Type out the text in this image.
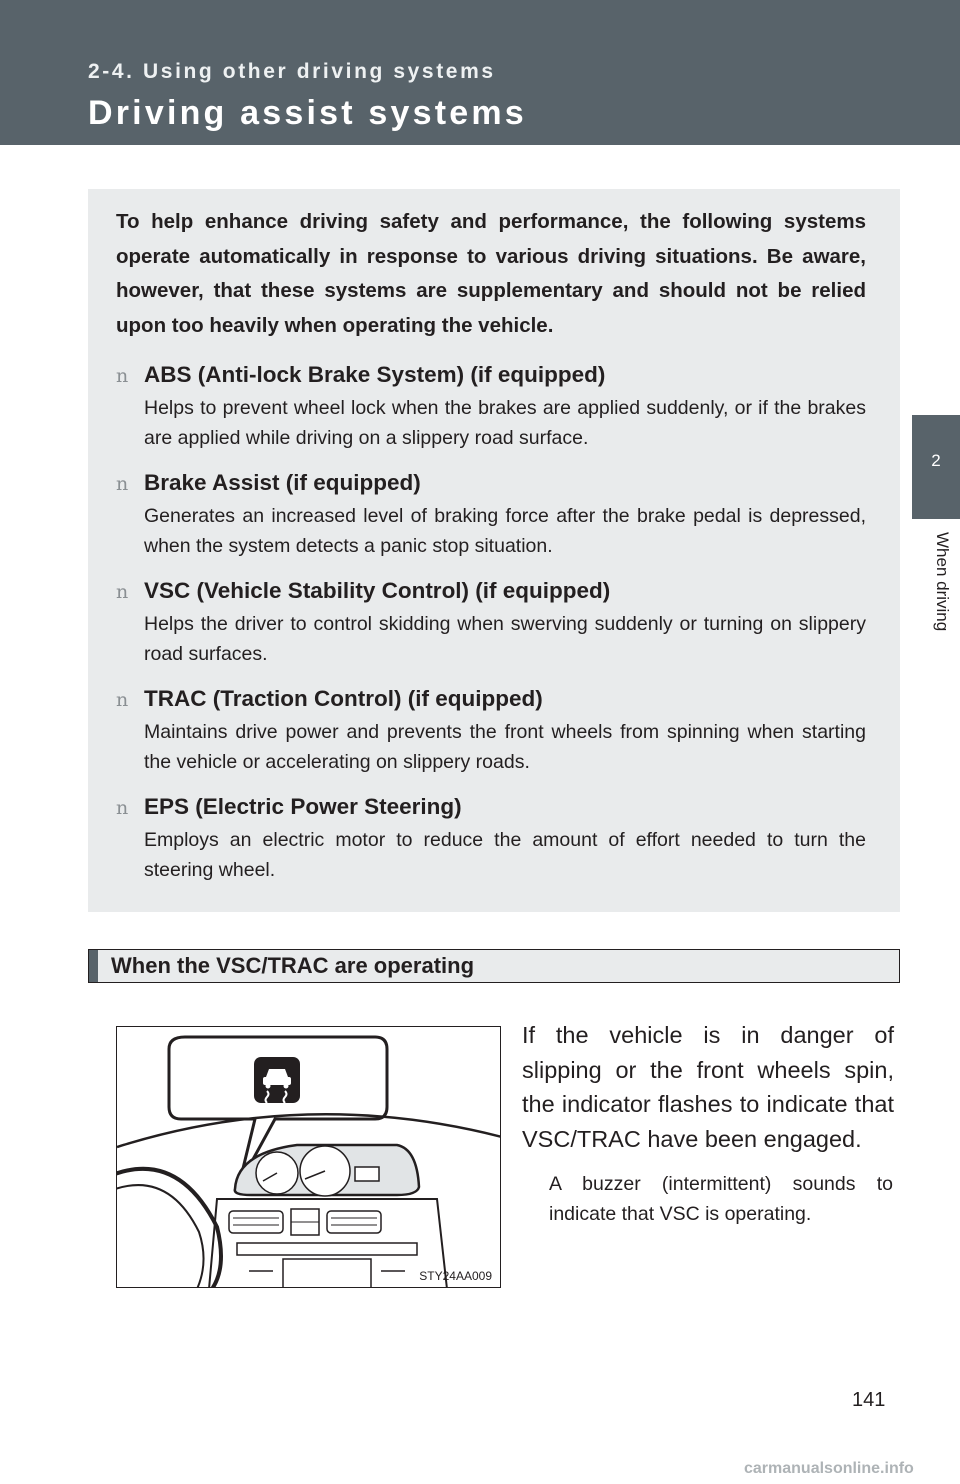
2-4. Using other driving systems
Driving assist systems
2
When driving

To help enhance driving safety and performance, the following systems operate automatically in response to various driving situations. Be aware, however, that these systems are supplementary and should not be relied upon too heavily when operating the vehicle.

n ABS (Anti-lock Brake System) (if equipped)

Helps to prevent wheel lock when the brakes are applied suddenly, or if the brakes are applied while driving on a slippery road surface.

n Brake Assist (if equipped)

Generates an increased level of braking force after the brake pedal is depressed, when the system detects a panic stop situation.

n VSC (Vehicle Stability Control) (if equipped)

Helps the driver to control skidding when swerving suddenly or turning on slippery road surfaces.

n TRAC (Traction Control) (if equipped)

Maintains drive power and prevents the front wheels from spinning when starting the vehicle or accelerating on slippery roads.

n EPS (Electric Power Steering)

Employs an electric motor to reduce the amount of effort needed to turn the steering wheel.

When the VSC/TRAC are operating
STY24AA009

If the vehicle is in danger of slipping or the front wheels spin, the indicator flashes to indicate that VSC/TRAC have been engaged.

A buzzer (intermittent) sounds to indicate that VSC is operating.

141
carmanualsonline.info
